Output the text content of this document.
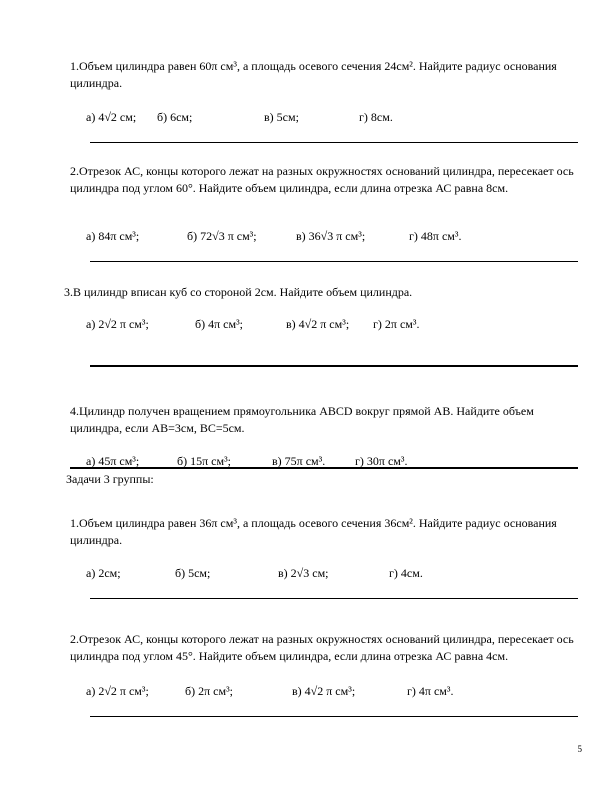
1.Объем цилиндра равен 60π см³, а площадь осевого сечения 24см². Найдите радиус основания цилиндра.
а) 4√2 см; б) 6см;	в) 5см;	г) 8см.
2.Отрезок АС, концы которого лежат на разных окружностях оснований цилиндра, пересекает ось цилиндра под углом 60°. Найдите объем цилиндра, если длина отрезка АС равна 8см.
а) 84π см³;	б) 72√3 π см³;	в) 36√3 π см³;	г) 48π см³.
3.В цилиндр вписан куб со стороной 2см. Найдите объем цилиндра.
а) 2√2 π см³;	б) 4π см³;	в) 4√2 π см³; г) 2π см³.
4.Цилиндр получен вращением прямоугольника АВСD вокруг прямой АВ. Найдите объем цилиндра, если АВ=3см, ВС=5см.
а) 45π см³;	б) 15π см³;	в) 75π см³. г) 30π см³.
Задачи 3 группы:
1.Объем цилиндра равен 36π см³, а площадь осевого сечения 36см². Найдите радиус основания цилиндра.
а) 2см;	б) 5см;	в) 2√3 см;	г) 4см.
2.Отрезок АС, концы которого лежат на разных окружностях оснований цилиндра, пересекает ось цилиндра под углом 45°. Найдите объем цилиндра, если длина отрезка АС равна 4см.
а) 2√2 π см³;	б) 2π см³;	в) 4√2 π см³;	г) 4π см³.
5
